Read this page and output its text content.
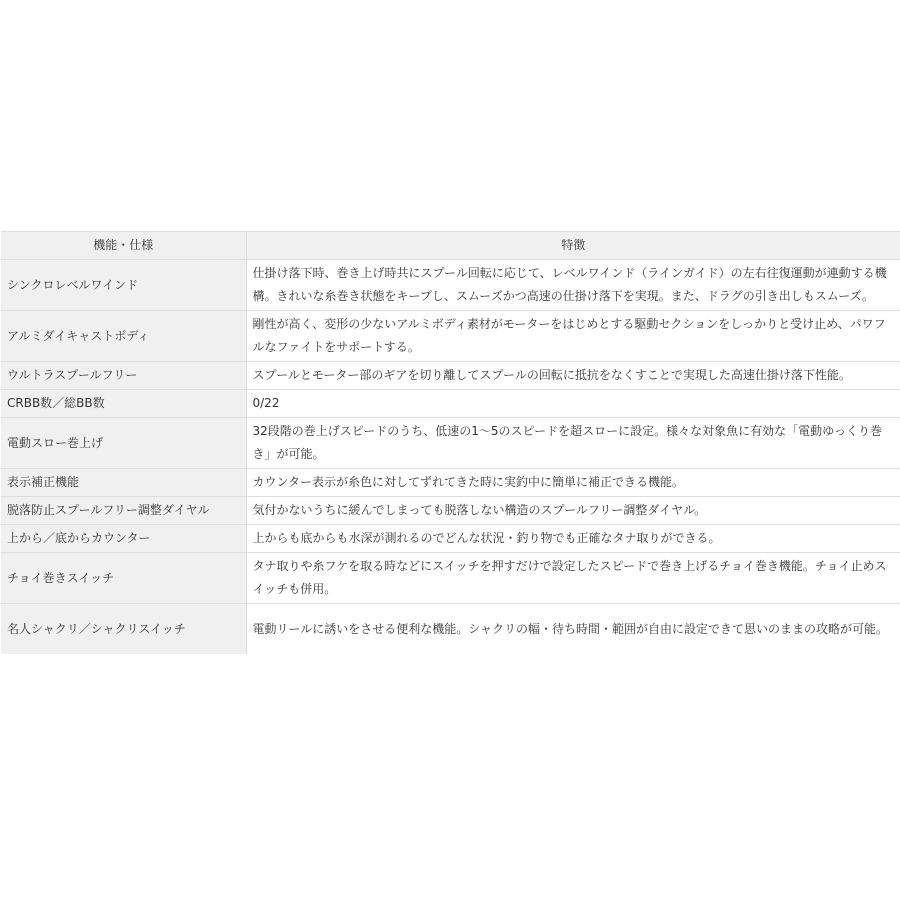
機能・仕様	特徴
シンクロレベルワインド	仕掛け落下時、巻き上げ時共にスプール回転に応じて、レベルワインド（ラインガイド）の左右往復運動が連動する機構。きれいな糸巻き状態をキープし、スムーズかつ高速の仕掛け落下を実現。また、ドラグの引き出しもスムーズ。
アルミダイキャストボディ	剛性が高く、変形の少ないアルミボディ素材がモーターをはじめとする駆動セクションをしっかりと受け止め、パワフルなファイトをサポートする。
ウルトラスプールフリー	スプールとモーター部のギアを切り離してスプールの回転に抵抗をなくすことで実現した高速仕掛け落下性能。
CRBB数／総BB数	0/22
電動スロー巻上げ	32段階の巻上げスピードのうち、低速の1～5のスピードを超スローに設定。様々な対象魚に有効な「電動ゆっくり巻き」が可能。
表示補正機能	カウンター表示が糸色に対してずれてきた時に実釣中に簡単に補正できる機能。
脱落防止スプールフリー調整ダイヤル	気付かないうちに緩んでしまっても脱落しない構造のスプールフリー調整ダイヤル。
上から／底からカウンター	上からも底からも水深が測れるのでどんな状況・釣り物でも正確なタナ取りができる。
チョイ巻きスイッチ	タナ取りや糸フケを取る時などにスイッチを押すだけで設定したスピードで巻き上げるチョイ巻き機能。チョイ止めスイッチも併用。
名人シャクリ／シャクリスイッチ	電動リールに誘いをさせる便利な機能。シャクリの幅・待ち時間・範囲が自由に設定できて思いのままの攻略が可能。
